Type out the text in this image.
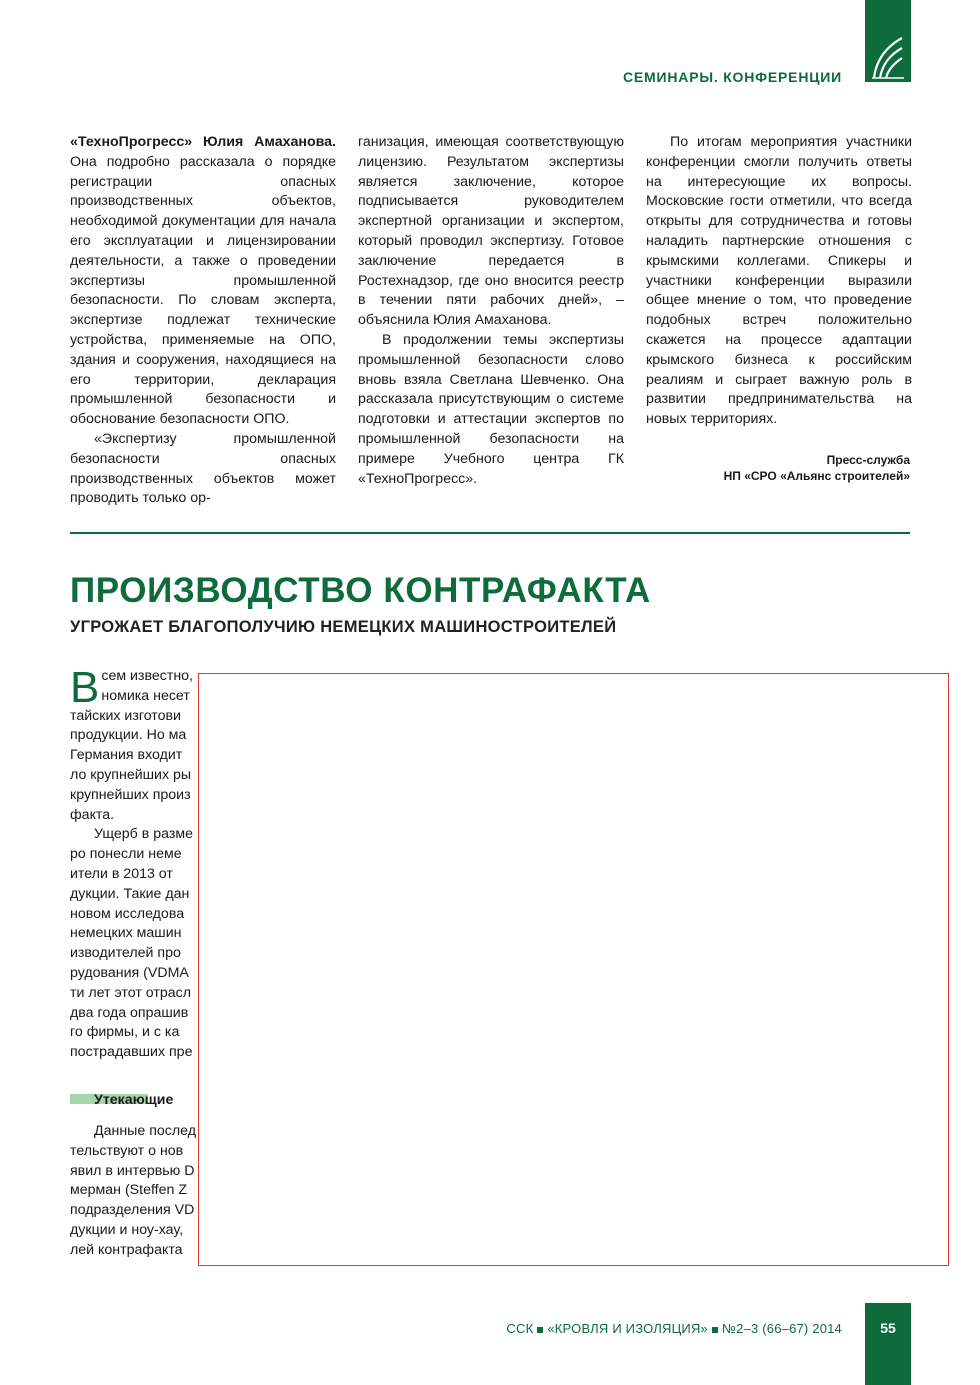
СЕМИНАРЫ. КОНФЕРЕНЦИИ

«ТехноПрогресс» Юлия Амаханова. Она подробно рассказала о порядке регистрации опасных производственных объектов, необходимой документации для начала его эксплуатации и лицензировании деятельности, а также о проведении экспертизы промышленной безопасности. По словам эксперта, экспертизе подлежат технические устройства, применяемые на ОПО, здания и сооружения, находящиеся на его территории, декларация промышленной безопасности и обоснование безопасности ОПО.

«Экспертизу промышленной безопасности опасных производственных объектов может проводить только ор-

ганизация, имеющая соответствующую лицензию. Результатом экспертизы является заключение, которое подписывается руководителем экспертной организации и экспертом, который проводил экспертизу. Готовое заключение передается в Ростехнадзор, где оно вносится реестр в течении пяти рабочих дней», – объяснила Юлия Амаханова.

В продолжении темы экспертизы промышленной безопасности слово вновь взяла Светлана Шевченко. Она рассказала присутствующим о системе подготовки и аттестации экспертов по промышленной безопасности на примере Учебного центра ГК «ТехноПрогресс».

По итогам мероприятия участники конференции смогли получить ответы на интересующие их вопросы. Московские гости отметили, что всегда открыты для сотрудничества и готовы наладить партнерские отношения с крымскими коллегами. Спикеры и участники конференции выразили общее мнение о том, что проведение подобных встреч положительно скажется на процессе адаптации крымского бизнеса к российским реалиям и сыграет важную роль в развитии предпринимательства на новых территориях.

Пресс-служба
НП «СРО «Альянс строителей»
ПРОИЗВОДСТВО КОНТРАФАКТА
УГРОЖАЕТ БЛАГОПОЛУЧИЮ НЕМЕЦКИХ МАШИНОСТРОИТЕЛЕЙ
В сем известно,
номика несет
тайских изготови
продукции. Но ма
Германия входит
ло крупнейших ры
крупнейших произ
факта.
Ущерб в разме
ро понесли неме
ители в 2013 от
дукции. Такие дан
новом исследова
немецких машин
изводителей про
рудования (VDMA
ти лет этот отрасл
два года опрашив
го фирмы, и с ка
пострадавших пре
Утекающие
Данные послед
тельствуют о нов
явил в интервью D
мерман (Steffen Z
подразделения VD
дукции и ноу-хау,
лей контрафакта
ССК «КРОВЛЯ И ИЗОЛЯЦИЯ» №2–3 (66–67) 2014	55
